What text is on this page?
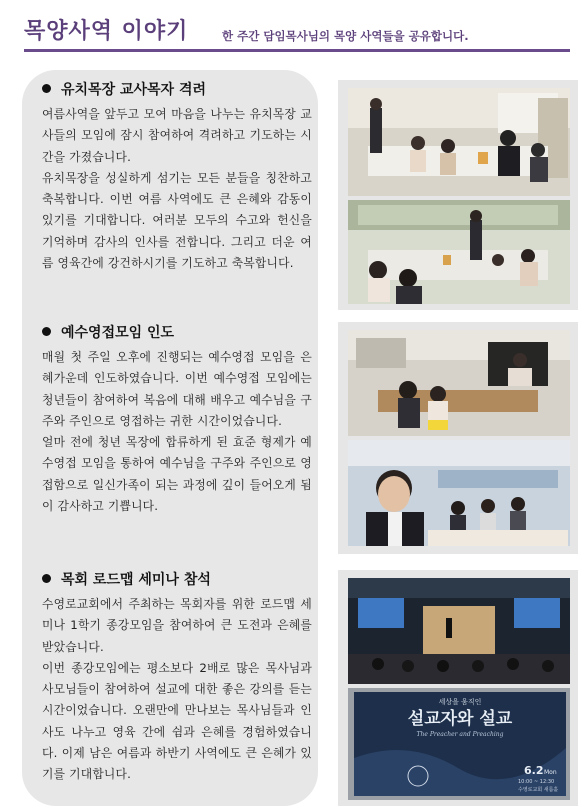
목양사역 이야기	한 주간 담임목사님의 목양 사역들을 공유합니다.
유치목장 교사목자 격려

여름사역을 앞두고 모여 마음을 나누는 유치목장 교사들의 모임에 잠시 참여하여 격려하고 기도하는 시간을 가졌습니다.

유치목장을 성실하게 섬기는 모든 분들을 칭찬하고 축복합니다. 이번 여름 사역에도 큰 은혜와 감동이 있기를 기대합니다. 여러분 모두의 수고와 헌신을 기억하며 감사의 인사를 전합니다. 그리고 더운 여름 영육간에 강건하시기를 기도하고 축복합니다.

예수영접모임 인도

매월 첫 주일 오후에 진행되는 예수영접 모임을 은혜가운데 인도하였습니다. 이번 예수영접 모임에는 청년들이 참여하여 복음에 대해 배우고 예수님을 구주와 주인으로 영접하는 귀한 시간이었습니다.

얼마 전에 청년 목장에 합류하게 된 효준 형제가 예수영접 모임을 통하여 예수님을 구주와 주인으로 영접함으로 일신가족이 되는 과정에 깊이 들어오게 됨이 감사하고 기쁩니다.

목회 로드맵 세미나 참석

수영로교회에서 주최하는 목회자를 위한 로드맵 세미나 1학기 종강모임을 참여하여 큰 도전과 은혜를 받았습니다.

이번 종강모임에는 평소보다 2배로 많은 목사님과 사모님들이 참여하여 설교에 대한 좋은 강의를 듣는 시간이었습니다. 오랜만에 만나보는 목사님들과 인사도 나누고 영육 간에 쉼과 은혜를 경험하였습니다. 이제 남은 여름과 하반기 사역에도 큰 은혜가 있기를 기대합니다.

세상을 움직인
설교자와 설교
The Preacher and Preaching
6.2 Mon
10:00 ~ 12:30
수영로교회 새롬홀
